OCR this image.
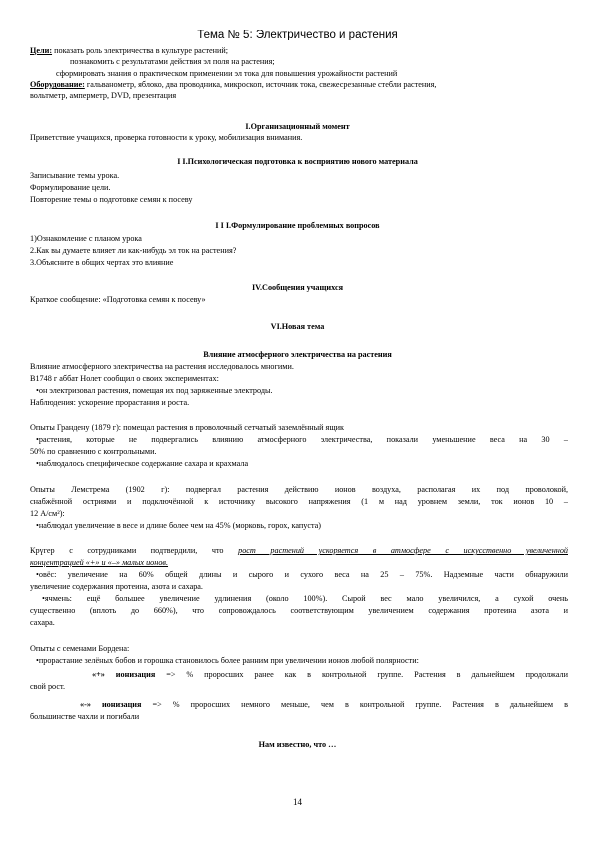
Тема № 5: Электричество и растения
Цели: показать роль электричества в культуре растений;
познакомить с результатами действия эл поля на растения;
сформировать знания о практическом применении эл тока для повышения урожайности растений
Оборудование: гальванометр, яблоко, два проводника, микроскоп, источник тока, свежесрезанные стебли растения,
вольтметр, амперметр, DVD, презентация
I.Организационный момент
Приветствие учащихся, проверка готовности к уроку, мобилизация внимания.
I I.Психологическая подготовка к восприятию нового материала
Записывание темы урока.
Формулирование цели.
Повторение темы о подготовке семян к посеву
I I I.Формулирование проблемных вопросов
1)Ознакомление с планом урока
2.Как вы думаете влияет ли как-нибудь эл ток на растения?
3.Объясните в общих чертах это влияние
IV.Сообщения учащихся
Краткое сообщение: «Подготовка семян к посеву»
VI.Новая тема
Влияние атмосферного электричества на растения
Влияние атмосферного электричества на растения исследовалось многими.
В1748 г аббат Нолет сообщил о своих экспериментах:
•он электризовал растения, помещая их под заряженные электроды.
Наблюдения: ускорение прорастания и роста.
Опыты Грандену (1879 г): помещал растения в проволочный сетчатый заземлённый ящик
•растения, которые не подвергались влиянию атмосферного электричества, показали уменьшение веса на 30 –
50% по сравнению с контрольными.
•наблюдалось специфическое содержание сахара и крахмала
Опыты Лемстрема (1902 г): подвергал растения действию ионов воздуха, располагая их под проволокой,
снабжённой остриями и подключённой к источнику высокого напряжения (1 м над уровнем земли, ток ионов 10 –
12 А/см²):
•наблюдал увеличение в весе и длине более чем на 45% (морковь, горох, капуста)
Крүгер с сотрудниками подтвердили, что рост растений ускоряется в атмосфере с искусственно увеличенной
концентрацией «+» и «–» малых ионов.
•овёс: увеличение на 60% общей длины и сырого и сухого веса на 25 – 75%. Надземные части обнаружили
увеличение содержания протеина, азота и сахара.
•ячмень: ещё большее увеличение удлинения (около 100%). Сырой вес мало увеличился, а сухой очень
существенно (вплоть до 660%), что сопровождалось соответствующим увеличением содержания протеина азота и
сахара.
Опыты с семенами Бордена:
•прорастание зелёных бобов и горошка становилось более ранним при увеличении ионов любой полярности:
«+» ионизация => % проросших ранее как в контрольной группе. Растения в дальнейшем продолжали
свой рост.
«-» ионизация => % проросших немного меньше, чем в контрольной группе. Растения в дальнейшем в
большинстве чахли и погибали
Нам известно, что …
14
